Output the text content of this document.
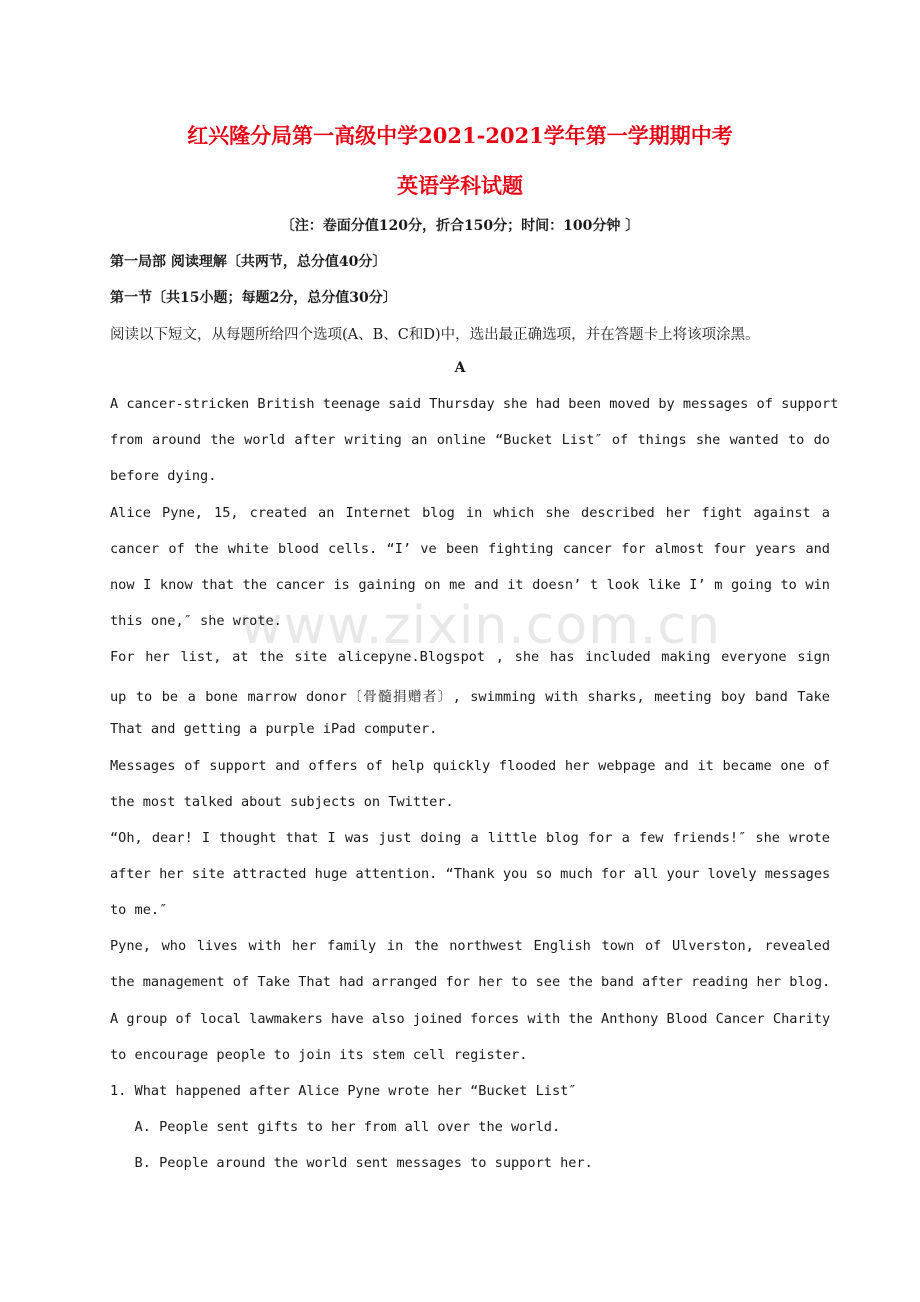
红兴隆分局第一高级中学2021-2021学年第一学期期中考
英语学科试题
〔注：卷面分值120分，折合150分；时间：100分钟 〕
第一局部 阅读理解〔共两节，总分值40分〕
第一节〔共15小题；每题2分，总分值30分〕
阅读以下短文，从每题所给四个选项(A、B、C和D)中，选出最正确选项，并在答题卡上将该项涂黑。
A
www.zixin.com.cn
A cancer-stricken British teenage said Thursday she had been moved by messages of support
from around the world after writing an online “Bucket List″ of things she wanted to do
before dying.
Alice Pyne, 15, created an Internet blog in which she described her fight against a
cancer of the white blood cells. “I’ ve been fighting cancer for almost four years and
now I know that the cancer is gaining on me and it doesn’ t look like I’ m going to win
this one,″ she wrote.
For her list, at the site alicepyne.Blogspot , she has included making everyone sign
up to be a bone marrow donor〔骨髓捐赠者〕, swimming with sharks, meeting boy band Take
That and getting a purple iPad computer.
Messages of support and offers of help quickly flooded her webpage and it became one of
the most talked about subjects on Twitter.
“Oh, dear! I thought that I was just doing a little blog for a few friends!″ she wrote
after her site attracted huge attention. “Thank you so much for all your lovely messages
to me.″
Pyne, who lives with her family in the northwest English town of Ulverston, revealed
the management of Take That had arranged for her to see the band after reading her blog.
A group of local lawmakers have also joined forces with the Anthony Blood Cancer Charity
to encourage people to join its stem cell register.
1. What happened after Alice Pyne wrote her “Bucket List″
A. People sent gifts to her from all over the world.
B. People around the world sent messages to support her.
